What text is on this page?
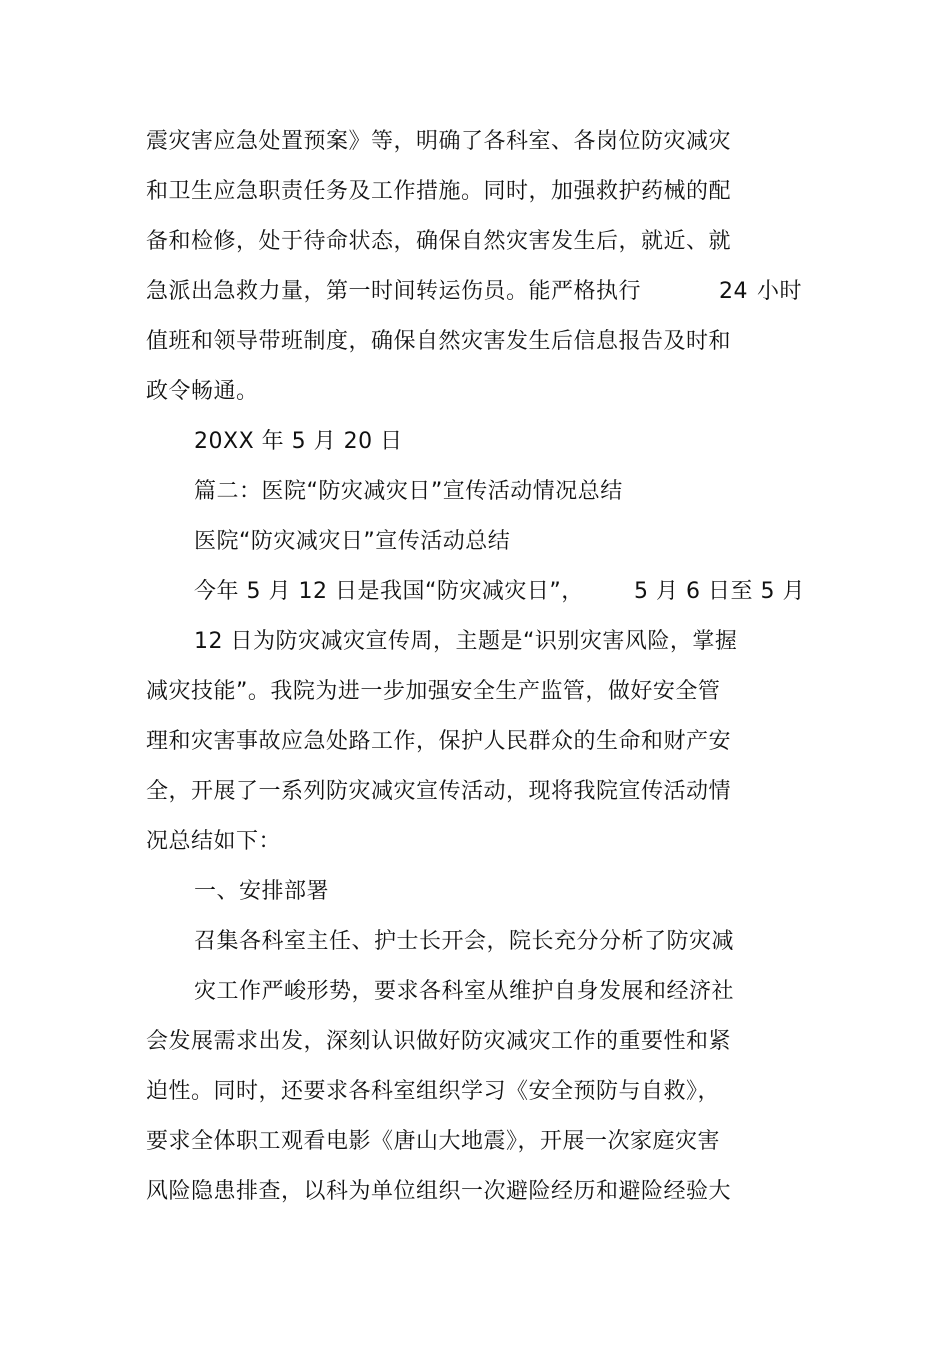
震灾害应急处置预案》等，明确了各科室、各岗位防灾减灾
和卫生应急职责任务及工作措施。同时，加强救护药械的配
备和检修，处于待命状态，确保自然灾害发生后，就近、就
急派出急救力量，第一时间转运伤员。能严格执行	24 小时
值班和领导带班制度，确保自然灾害发生后信息报告及时和
政令畅通。
20XX 年 5 月 20 日
篇二：医院“防灾减灾日”宣传活动情况总结
医院“防灾减灾日”宣传活动总结
今年 5 月 12 日是我国“防灾减灾日”， 5 月 6 日至 5 月
12 日为防灾减灾宣传周，主题是“识别灾害风险，掌握
减灾技能”。我院为进一步加强安全生产监管，做好安全管
理和灾害事故应急处路工作，保护人民群众的生命和财产安
全，开展了一系列防灾减灾宣传活动，现将我院宣传活动情
况总结如下：
一、安排部署
召集各科室主任、护士长开会，院长充分分析了防灾减
灾工作严峻形势，要求各科室从维护自身发展和经济社
会发展需求出发，深刻认识做好防灾减灾工作的重要性和紧
迫性。同时，还要求各科室组织学习《安全预防与自救》，
要求全体职工观看电影《唐山大地震》，开展一次家庭灾害
风险隐患排查，以科为单位组织一次避险经历和避险经验大
